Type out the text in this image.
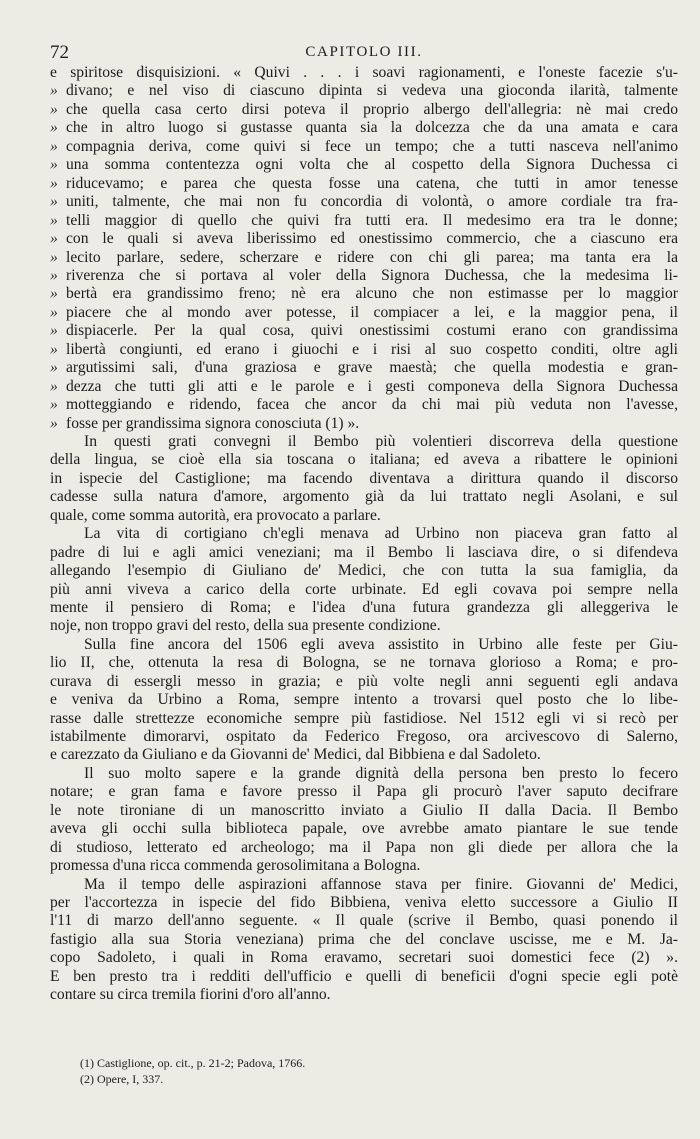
72	CAPITOLO III.
e spiritose disquisizioni. « Quivi . . . i soavi ragionamenti, e l'oneste facezie s'u-
» divano; e nel viso di ciascuno dipinta si vedeva una gioconda ilarità, talmente
» che quella casa certo dirsi poteva il proprio albergo dell'allegria: nè mai credo
» che in altro luogo si gustasse quanta sia la dolcezza che da una amata e cara
» compagnia deriva, come quivi si fece un tempo; che a tutti nasceva nell'animo
» una somma contentezza ogni volta che al cospetto della Signora Duchessa ci
» riducevamo; e parea che questa fosse una catena, che tutti in amor tenesse
» uniti, talmente, che mai non fu concordia di volontà, o amore cordiale tra fra-
» telli maggior di quello che quivi fra tutti era. Il medesimo era tra le donne;
» con le quali si aveva liberissimo ed onestissimo commercio, che a ciascuno era
» lecito parlare, sedere, scherzare e ridere con chi gli parea; ma tanta era la
» riverenza che si portava al voler della Signora Duchessa, che la medesima li-
» bertà era grandissimo freno; nè era alcuno che non estimasse per lo maggior
» piacere che al mondo aver potesse, il compiacer a lei, e la maggior pena, il
» dispiacerle. Per la qual cosa, quivi onestissimi costumi erano con grandissima
» libertà congiunti, ed erano i giuochi e i risi al suo cospetto conditi, oltre agli
» argutissimi sali, d'una graziosa e grave maestà; che quella modestia e gran-
» dezza che tutti gli atti e le parole e i gesti componeva della Signora Duchessa
» motteggiando e ridendo, facea che ancor da chi mai più veduta non l'avesse,
» fosse per grandissima signora conosciuta (1) ».
In questi grati convegni il Bembo più volentieri discorreva della questione
della lingua, se cioè ella sia toscana o italiana; ed aveva a ribattere le opinioni
in ispecie del Castiglione; ma facendo diventava a dirittura quando il discorso
cadesse sulla natura d'amore, argomento già da lui trattato negli Asolani, e sul
quale, come somma autorità, era provocato a parlare.
La vita di cortigiano ch'egli menava ad Urbino non piaceva gran fatto al
padre di lui e agli amici veneziani; ma il Bembo li lasciava dire, o si difendeva
allegando l'esempio di Giuliano de' Medici, che con tutta la sua famiglia, da
più anni viveva a carico della corte urbinate. Ed egli covava poi sempre nella
mente il pensiero di Roma; e l'idea d'una futura grandezza gli alleggeriva le
noje, non troppo gravi del resto, della sua presente condizione.
Sulla fine ancora del 1506 egli aveva assistito in Urbino alle feste per Giu-
lio II, che, ottenuta la resa di Bologna, se ne tornava glorioso a Roma; e pro-
curava di essergli messo in grazia; e più volte negli anni seguenti egli andava
e veniva da Urbino a Roma, sempre intento a trovarsi quel posto che lo libe-
rasse dalle strettezze economiche sempre più fastidiose. Nel 1512 egli vi si recò per
istabilmente dimorarvi, ospitato da Federico Fregoso, ora arcivescovo di Salerno,
e carezzato da Giuliano e da Giovanni de' Medici, dal Bibbiena e dal Sadoleto.
Il suo molto sapere e la grande dignità della persona ben presto lo fecero
notare; e gran fama e favore presso il Papa gli procurò l'aver saputo decifrare
le note tironiane di un manoscritto inviato a Giulio II dalla Dacia. Il Bembo
aveva gli occhi sulla biblioteca papale, ove avrebbe amato piantare le sue tende
di studioso, letterato ed archeologo; ma il Papa non gli diede per allora che la
promessa d'una ricca commenda gerosolimitana a Bologna.
Ma il tempo delle aspirazioni affannose stava per finire. Giovanni de' Medici,
per l'accortezza in ispecie del fido Bibbiena, veniva eletto successore a Giulio II
l'11 di marzo dell'anno seguente. « Il quale (scrive il Bembo, quasi ponendo il
fastigio alla sua Storia veneziana) prima che del conclave uscisse, me e M. Ja-
copo Sadoleto, i quali in Roma eravamo, secretari suoi domestici fece (2) ».
E ben presto tra i redditi dell'ufficio e quelli di beneficii d'ogni specie egli potè
contare su circa tremila fiorini d'oro all'anno.
(1) Castiglione, op. cit., p. 21-2; Padova, 1766.
(2) Opere, I, 337.
